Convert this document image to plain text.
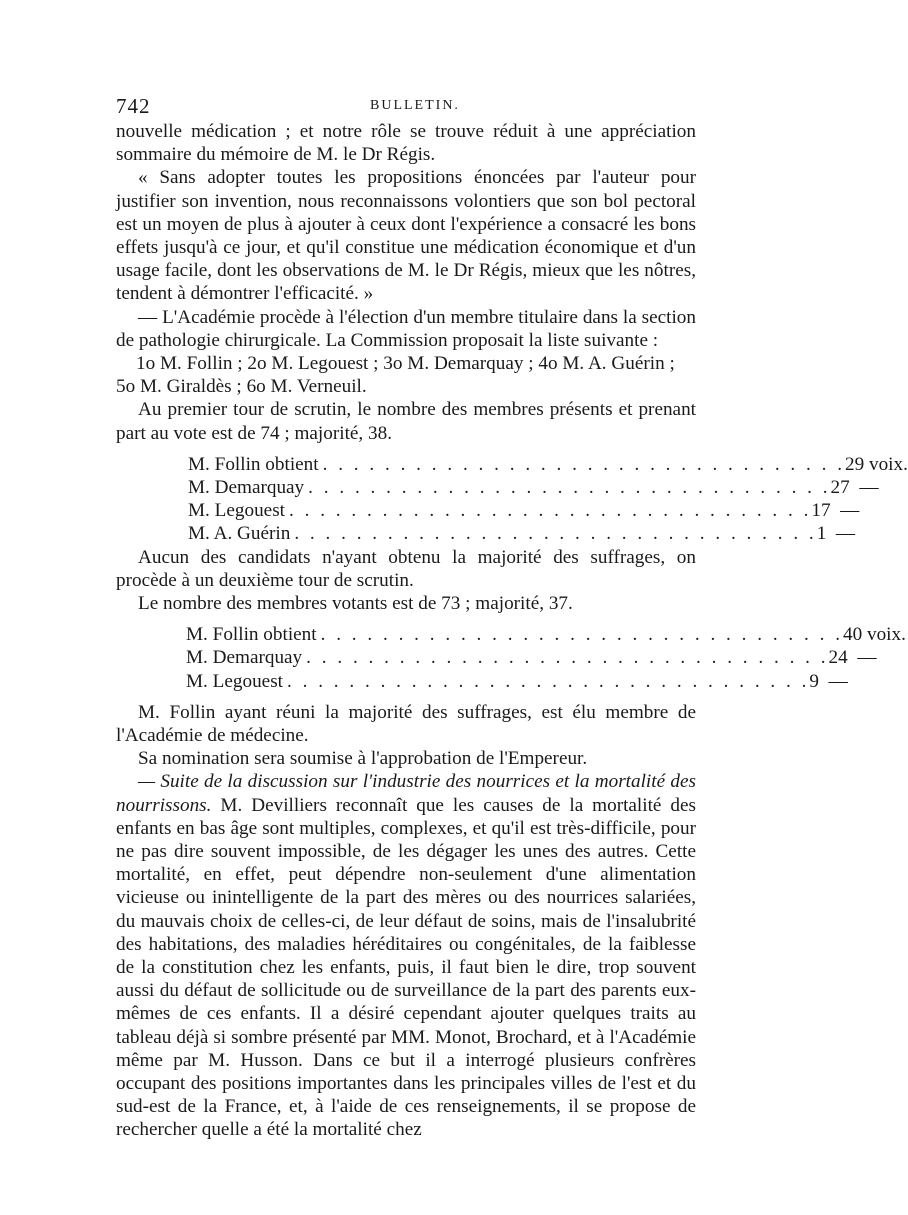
742	BULLETIN.

nouvelle médication ; et notre rôle se trouve réduit à une appréciation sommaire du mémoire de M. le Dr Régis.

« Sans adopter toutes les propositions énoncées par l'auteur pour justifier son invention, nous reconnaissons volontiers que son bol pectoral est un moyen de plus à ajouter à ceux dont l'expérience a consacré les bons effets jusqu'à ce jour, et qu'il constitue une médication économique et d'un usage facile, dont les observations de M. le Dr Régis, mieux que les nôtres, tendent à démontrer l'efficacité. »

— L'Académie procède à l'élection d'un membre titulaire dans la section de pathologie chirurgicale. La Commission proposait la liste suivante :

1o M. Follin ; 2o M. Legouest ; 3o M. Demarquay ; 4o M. A. Guérin ;

5o M. Giraldès ; 6o M. Verneuil.

Au premier tour de scrutin, le nombre des membres présents et prenant part au vote est de 74 ; majorité, 38.

M. Follin obtient . . . . . . . . . . . . . . . . . . . . . . . . . . . . . . . . . . 29 voix.
M. Demarquay . . . . . . . . . . . . . . . . . . . . . . . . . . . . . . . . . . 27  —
M. Legouest . . . . . . . . . . . . . . . . . . . . . . . . . . . . . . . . . . 17  —
M. A. Guérin . . . . . . . . . . . . . . . . . . . . . . . . . . . . . . . . . . 1  —

Aucun des candidats n'ayant obtenu la majorité des suffrages, on procède à un deuxième tour de scrutin.

Le nombre des membres votants est de 73 ; majorité, 37.

M. Follin obtient . . . . . . . . . . . . . . . . . . . . . . . . . . . . . . . . . . 40 voix.
M. Demarquay . . . . . . . . . . . . . . . . . . . . . . . . . . . . . . . . . . 24  —
M. Legouest . . . . . . . . . . . . . . . . . . . . . . . . . . . . . . . . . . 9  —

M. Follin ayant réuni la majorité des suffrages, est élu membre de l'Académie de médecine.

Sa nomination sera soumise à l'approbation de l'Empereur.

— Suite de la discussion sur l'industrie des nourrices et la mortalité des nourrissons. M. Devilliers reconnaît que les causes de la mortalité des enfants en bas âge sont multiples, complexes, et qu'il est très-difficile, pour ne pas dire souvent impossible, de les dégager les unes des autres. Cette mortalité, en effet, peut dépendre non-seulement d'une alimentation vicieuse ou inintelligente de la part des mères ou des nourrices salariées, du mauvais choix de celles-ci, de leur défaut de soins, mais de l'insalubrité des habitations, des maladies héréditaires ou congénitales, de la faiblesse de la constitution chez les enfants, puis, il faut bien le dire, trop souvent aussi du défaut de sollicitude ou de surveillance de la part des parents eux-mêmes de ces enfants. Il a désiré cependant ajouter quelques traits au tableau déjà si sombre présenté par MM. Monot, Brochard, et à l'Académie même par M. Husson. Dans ce but il a interrogé plusieurs confrères occupant des positions importantes dans les principales villes de l'est et du sud-est de la France, et, à l'aide de ces renseignements, il se propose de rechercher quelle a été la mortalité chez
